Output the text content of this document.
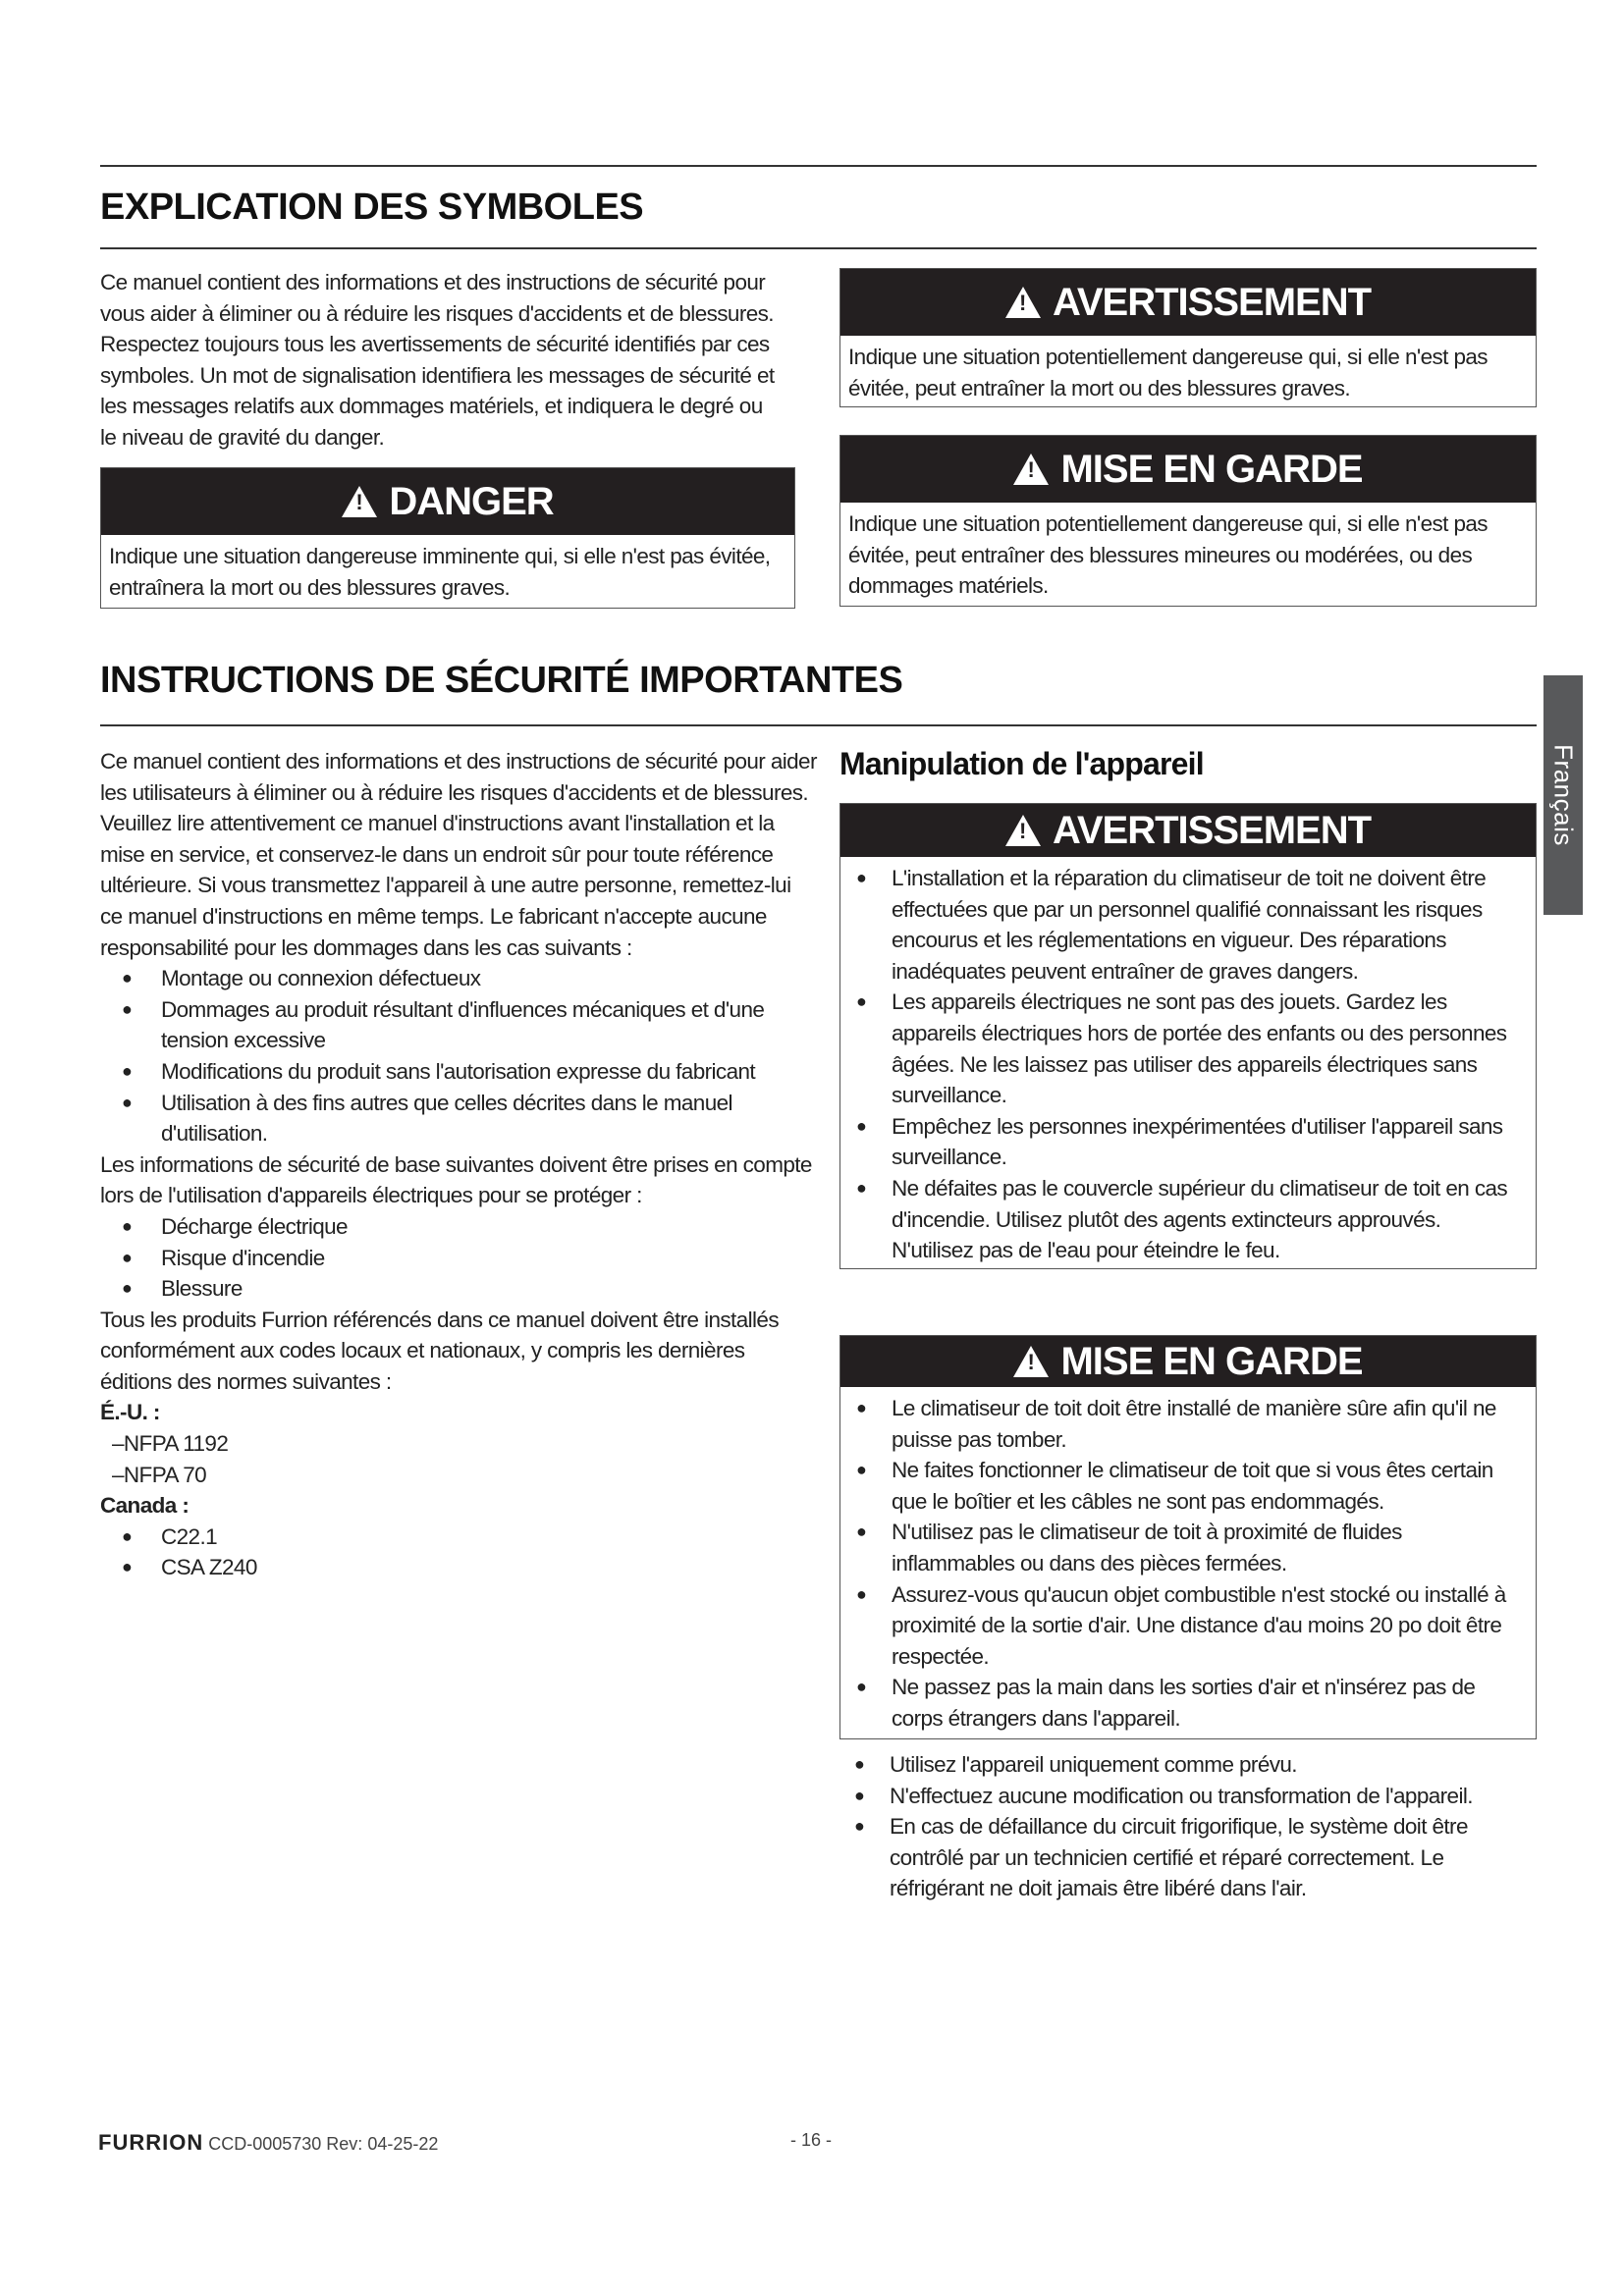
EXPLICATION DES SYMBOLES
Ce manuel contient des informations et des instructions de sécurité pour vous aider à éliminer ou à réduire les risques d'accidents et de blessures. Respectez toujours tous les avertissements de sécurité identifiés par ces symboles. Un mot de signalisation identifiera les messages de sécurité et les messages relatifs aux dommages matériels, et indiquera le degré ou le niveau de gravité du danger.
!
DANGER
Indique une situation dangereuse imminente qui, si elle n'est pas évitée, entraînera la mort ou des blessures graves.
!
AVERTISSEMENT
Indique une situation potentiellement dangereuse qui, si elle n'est pas évitée, peut entraîner la mort ou des blessures graves.
!
MISE EN GARDE
Indique une situation potentiellement dangereuse qui, si elle n'est pas évitée, peut entraîner des blessures mineures ou modérées, ou des dommages matériels.
INSTRUCTIONS DE SÉCURITÉ IMPORTANTES
Français
Ce manuel contient des informations et des instructions de sécurité pour aider les utilisateurs à éliminer ou à réduire les risques d'accidents et de blessures. Veuillez lire attentivement ce manuel d'instructions avant l'installation et la mise en service, et conservez-le dans un endroit sûr pour toute référence ultérieure. Si vous transmettez l'appareil à une autre personne, remettez-lui ce manuel d'instructions en même temps. Le fabricant n'accepte aucune responsabilité pour les dommages dans les cas suivants :
● Montage ou connexion défectueux
● Dommages au produit résultant d'influences mécaniques et d'une tension excessive
● Modifications du produit sans l'autorisation expresse du fabricant
● Utilisation à des fins autres que celles décrites dans le manuel d'utilisation.
Les informations de sécurité de base suivantes doivent être prises en compte lors de l'utilisation d'appareils électriques pour se protéger :
● Décharge électrique
● Risque d'incendie
● Blessure
Tous les produits Furrion référencés dans ce manuel doivent être installés conformément aux codes locaux et nationaux, y compris les dernières éditions des normes suivantes :
É.-U. :
–NFPA 1192
–NFPA 70
Canada :
● C22.1
● CSA Z240
Manipulation de l'appareil
!
AVERTISSEMENT
● L'installation et la réparation du climatiseur de toit ne doivent être effectuées que par un personnel qualifié connaissant les risques encourus et les réglementations en vigueur. Des réparations inadéquates peuvent entraîner de graves dangers.
● Les appareils électriques ne sont pas des jouets. Gardez les appareils électriques hors de portée des enfants ou des personnes âgées. Ne les laissez pas utiliser des appareils électriques sans surveillance.
● Empêchez les personnes inexpérimentées d'utiliser l'appareil sans surveillance.
● Ne défaites pas le couvercle supérieur du climatiseur de toit en cas d'incendie. Utilisez plutôt des agents extincteurs approuvés. N'utilisez pas de l'eau pour éteindre le feu.
!
MISE EN GARDE
● Le climatiseur de toit doit être installé de manière sûre afin qu'il ne puisse pas tomber.
● Ne faites fonctionner le climatiseur de toit que si vous êtes certain que le boîtier et les câbles ne sont pas endommagés.
● N'utilisez pas le climatiseur de toit à proximité de fluides inflammables ou dans des pièces fermées.
● Assurez-vous qu'aucun objet combustible n'est stocké ou installé à proximité de la sortie d'air. Une distance d'au moins 20 po doit être respectée.
● Ne passez pas la main dans les sorties d'air et n'insérez pas de corps étrangers dans l'appareil.
● Utilisez l'appareil uniquement comme prévu.
● N'effectuez aucune modification ou transformation de l'appareil.
● En cas de défaillance du circuit frigorifique, le système doit être contrôlé par un technicien certifié et réparé correctement. Le réfrigérant ne doit jamais être libéré dans l'air.
FURRION CCD-0005730 Rev: 04-25-22	- 16 -
